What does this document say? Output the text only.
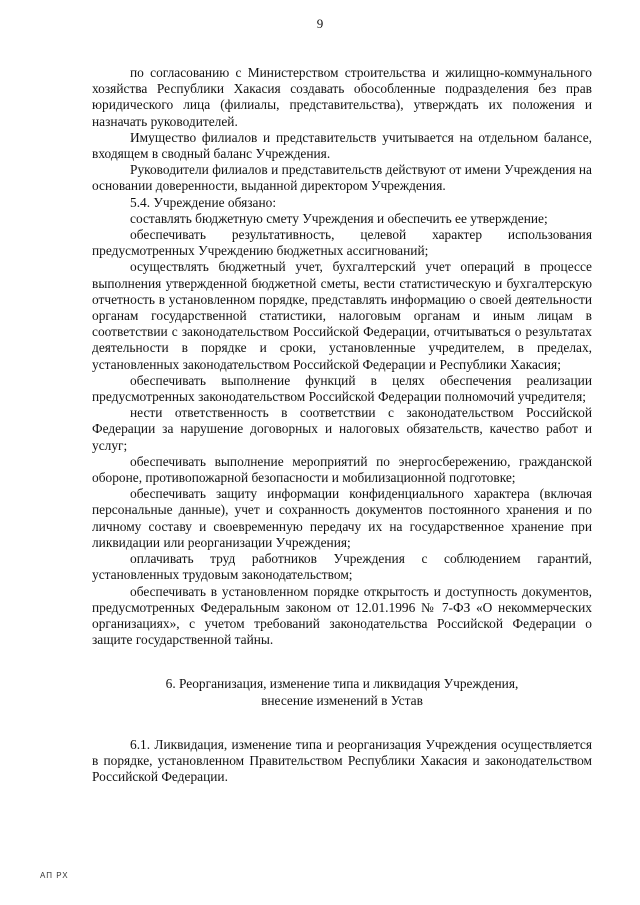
9

по согласованию с Министерством строительства и жилищно-коммунального хозяйства Республики Хакасия создавать обособленные подразделения без прав юридического лица (филиалы, представительства), утверждать их положения и назначать руководителей.

Имущество филиалов и представительств учитывается на отдельном балансе, входящем в сводный баланс Учреждения.

Руководители филиалов и представительств действуют от имени Учреждения на основании доверенности, выданной директором Учреждения.

5.4. Учреждение обязано:

составлять бюджетную смету Учреждения и обеспечить ее утверждение;

обеспечивать результативность, целевой характер использования предусмотренных Учреждению бюджетных ассигнований;

осуществлять бюджетный учет, бухгалтерский учет операций в процессе выполнения утвержденной бюджетной сметы, вести статистическую и бухгалтерскую отчетность в установленном порядке, представлять информацию о своей деятельности органам государственной статистики, налоговым органам и иным лицам в соответствии с законодательством Российской Федерации, отчитываться о результатах деятельности в порядке и сроки, установленные учредителем, в пределах, установленных законодательством Российской Федерации и Республики Хакасия;

обеспечивать выполнение функций в целях обеспечения реализации предусмотренных законодательством Российской Федерации полномочий учредителя;

нести ответственность в соответствии с законодательством Российской Федерации за нарушение договорных и налоговых обязательств, качество работ и услуг;

обеспечивать выполнение мероприятий по энергосбережению, гражданской обороне, противопожарной безопасности и мобилизационной подготовке;

обеспечивать защиту информации конфиденциального характера (включая персональные данные), учет и сохранность документов постоянного хранения и по личному составу и своевременную передачу их на государственное хранение при ликвидации или реорганизации Учреждения;

оплачивать труд работников Учреждения с соблюдением гарантий, установленных трудовым законодательством;

обеспечивать в установленном порядке открытость и доступность документов, предусмотренных Федеральным законом от 12.01.1996 № 7-ФЗ «О некоммерческих организациях», с учетом требований законодательства Российской Федерации о защите государственной тайны.

6. Реорганизация, изменение типа и ликвидация Учреждения,
внесение изменений в Устав

6.1. Ликвидация, изменение типа и реорганизация Учреждения осуществляется в порядке, установленном Правительством Республики Хакасия и законодательством Российской Федерации.

АП РХ
